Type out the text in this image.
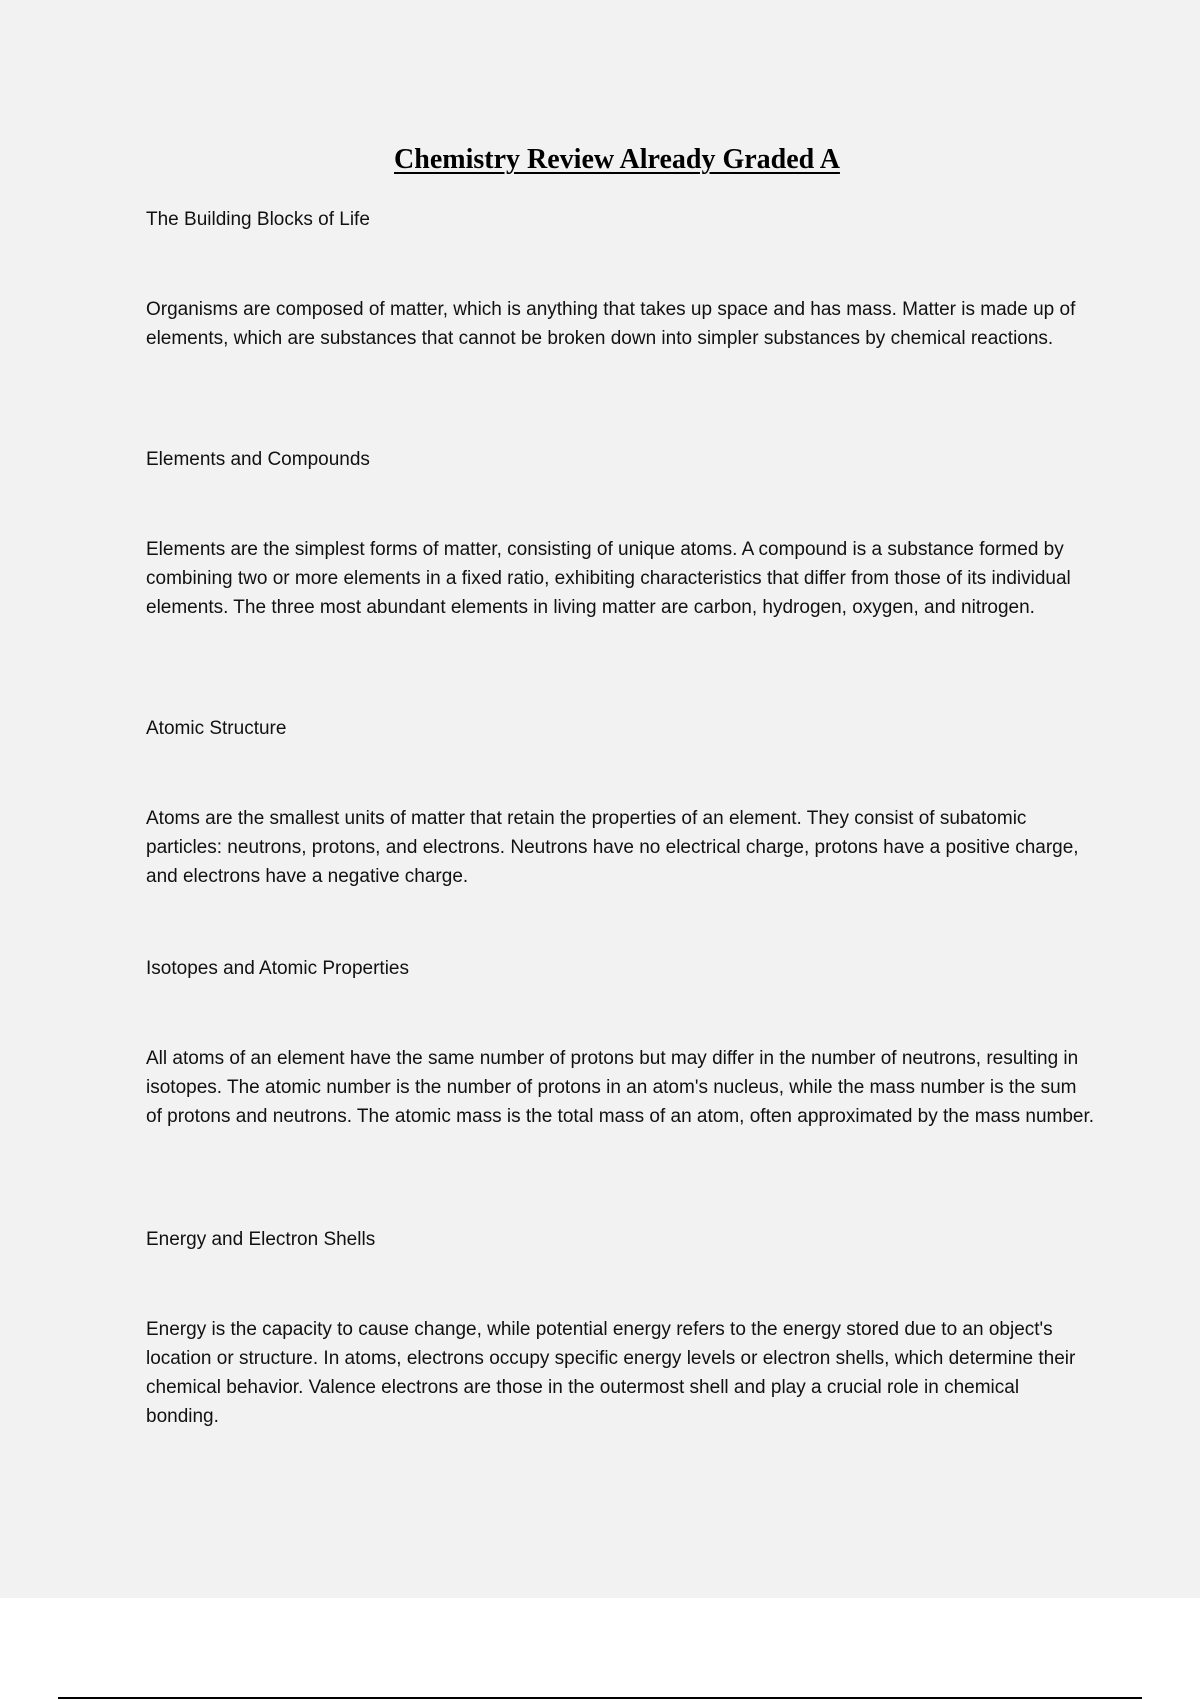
Chemistry Review Already Graded A
The Building Blocks of Life

Organisms are composed of matter, which is anything that takes up space and has mass. Matter is made up of elements, which are substances that cannot be broken down into simpler substances by chemical reactions.

Elements and Compounds

Elements are the simplest forms of matter, consisting of unique atoms. A compound is a substance formed by combining two or more elements in a fixed ratio, exhibiting characteristics that differ from those of its individual elements. The three most abundant elements in living matter are carbon, hydrogen, oxygen, and nitrogen.

Atomic Structure

Atoms are the smallest units of matter that retain the properties of an element. They consist of subatomic particles: neutrons, protons, and electrons. Neutrons have no electrical charge, protons have a positive charge, and electrons have a negative charge.

Isotopes and Atomic Properties

All atoms of an element have the same number of protons but may differ in the number of neutrons, resulting in isotopes. The atomic number is the number of protons in an atom's nucleus, while the mass number is the sum of protons and neutrons. The atomic mass is the total mass of an atom, often approximated by the mass number.

Energy and Electron Shells

Energy is the capacity to cause change, while potential energy refers to the energy stored due to an object's location or structure. In atoms, electrons occupy specific energy levels or electron shells, which determine their chemical behavior. Valence electrons are those in the outermost shell and play a crucial role in chemical bonding.
